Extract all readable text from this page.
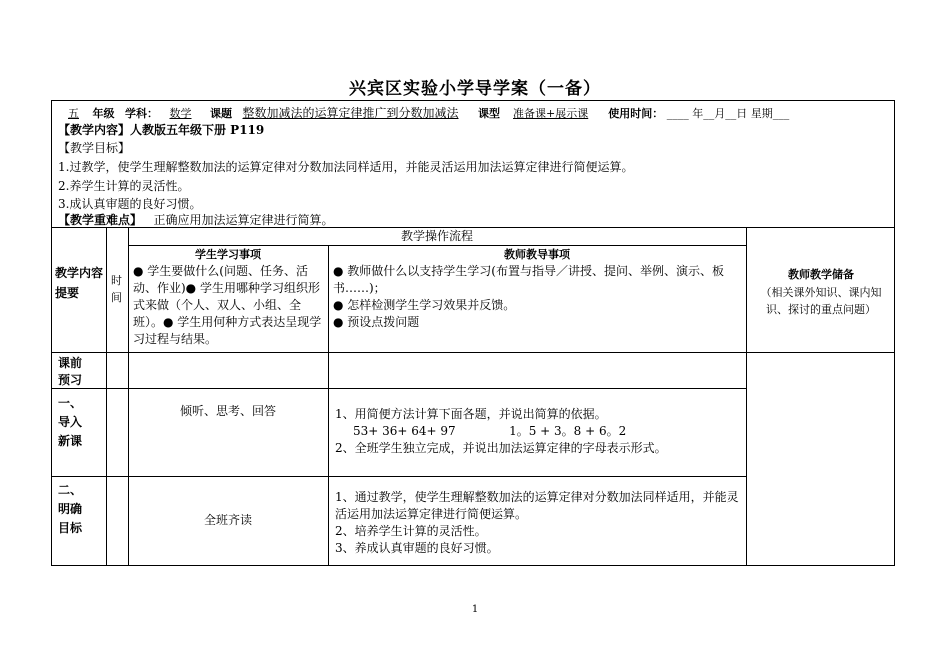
兴宾区实验小学导学案（一备）
五 年级 学科： 数学 课题 整数加减法的运算定律推广到分数加减法 课型 准备课+展示课 使用时间： ____ 年__月__日 星期___
【教学内容】人教版五年级下册 P119
【教学目标】
1.过教学，使学生理解整数加法的运算定律对分数加法同样适用，并能灵活运用加法运算定律进行简便运算。
2.养学生计算的灵活性。
3.成认真审题的良好习惯。
【教学重难点】 正确应用加法运算定律进行简算。
教学操作流程
教学内容提要
时间
学生学习事项	教师教导事项
● 学生要做什么(问题、任务、活动、作业)● 学生用哪种学习组织形式来做（个人、双人、小组、全班）。● 学生用何种方式表达呈现学习过程与结果。
● 教师做什么以支持学生学习(布置与指导／讲授、提问、举例、演示、板书……)；
● 怎样检测学生学习效果并反馈。
● 预设点拨问题
教师教学储备
（相关课外知识、课内知识、探讨的重点问题）
课前预习
一、导入新课
倾听、思考、回答	1、用简便方法计算下面各题，并说出简算的依据。
53+ 36+ 64+ 97              1。5 + 3。8 + 6。2
2、全班学生独立完成，并说出加法运算定律的字母表示形式。
二、明确目标
全班齐读
1、通过教学，使学生理解整数加法的运算定律对分数加法同样适用，并能灵活运用加法运算定律进行简便运算。
2、培养学生计算的灵活性。
3、养成认真审题的良好习惯。
1
